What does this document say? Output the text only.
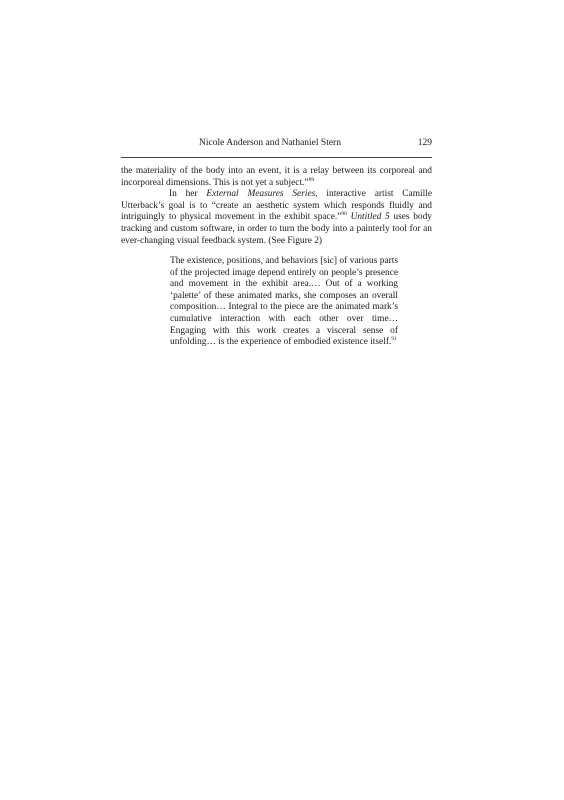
Nicole Anderson and Nathaniel Stern	129

the materiality of the body into an event, it is a relay between its corporeal and incorporeal dimensions. This is not yet a subject.”$^{89}$

In her External Measures Series, interactive artist Camille Utterback’s goal is to “create an aesthetic system which responds fluidly and intriguingly to physical movement in the exhibit space.”$^{90}$ Untitled 5 uses body tracking and custom software, in order to turn the body into a painterly tool for an ever-changing visual feedback system. (See Figure 2)

The existence, positions, and behaviors [sic] of various parts of the projected image depend entirely on people’s presence and movement in the exhibit area.… Out of a working ‘palette’ of these animated marks, she composes an overall composition… Integral to the piece are the animated mark’s cumulative interaction with each other over time… Engaging with this work creates a visceral sense of unfolding… is the experience of embodied existence itself.$^{91}$
